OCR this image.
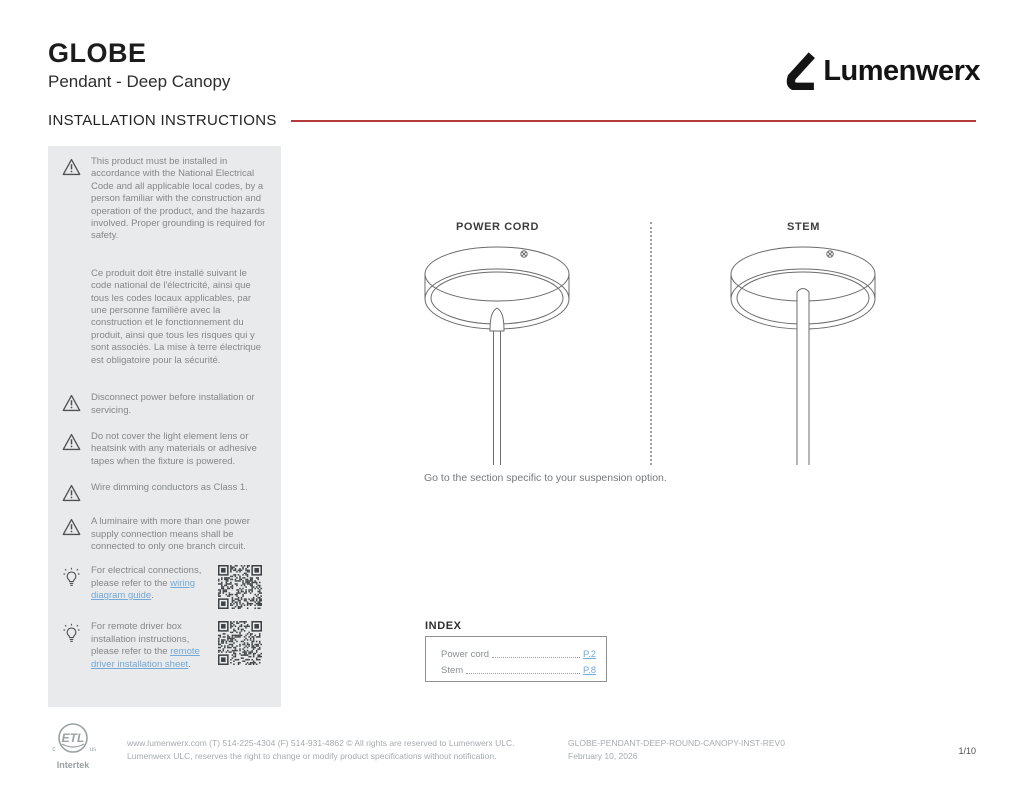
GLOBE
Pendant - Deep Canopy	Lumenwerx
INSTALLATION INSTRUCTIONS
This product must be installed in accordance with the National Electrical Code and all applicable local codes, by a person familiar with the construction and operation of the product, and the hazards involved. Proper grounding is required for safety.
Ce produit doit être installé suivant le code national de l'électricité, ainsi que tous les codes locaux applicables, par une personne familière avec la construction et le fonctionnement du produit, ainsi que tous les risques qui y sont associés. La mise à terre électrique est obligatoire pour la sécurité.
Disconnect power before installation or servicing.
Do not cover the light element lens or heatsink with any materials or adhesive tapes when the fixture is powered.
Wire dimming conductors as Class 1.
A luminaire with more than one power supply connection means shall be connected to only one branch circuit.
For electrical connections, please refer to the wiring diagram guide.
For remote driver box installation instructions, please refer to the remote driver installation sheet.
POWER CORD	STEM
Go to the section specific to your suspension option.
INDEX
Power cord	P.2
Stem	P.8
ETL
c	us
Intertek
www.lumenwerx.com (T) 514-225-4304 (F) 514-931-4862 © All rights are reserved to Lumenwerx ULC.
Lumenwerx ULC, reserves the right to change or modify product specifications without notification.
GLOBE-PENDANT-DEEP-ROUND-CANOPY-INST-REV0
February 10, 2026	1/10
